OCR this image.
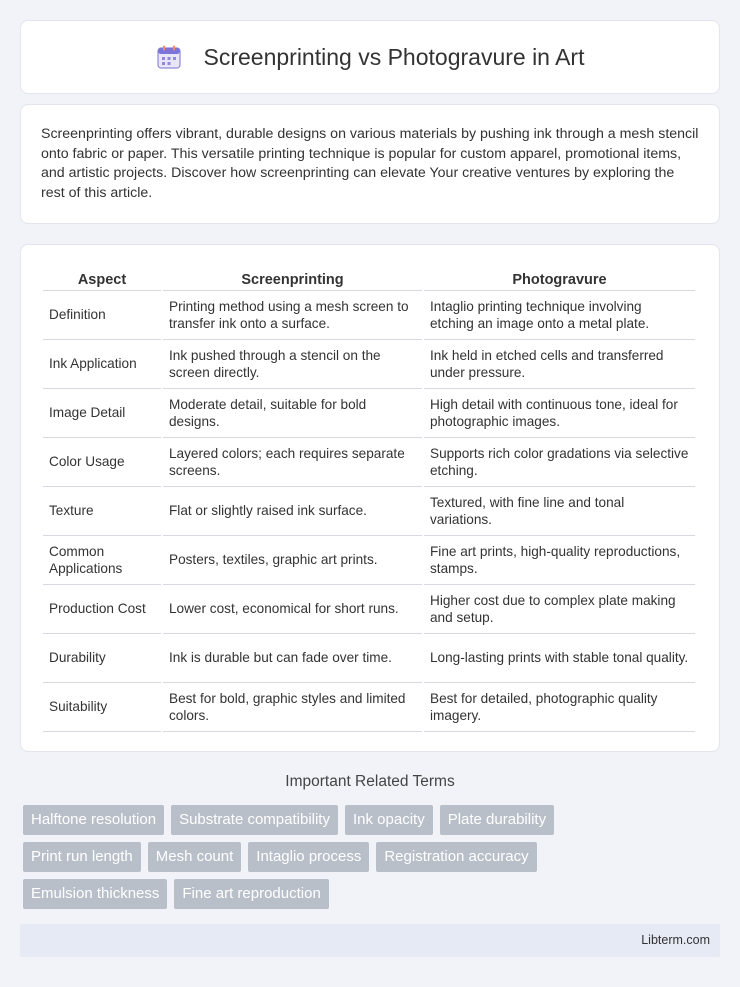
Screenprinting vs Photogravure in Art

Screenprinting offers vibrant, durable designs on various materials by pushing ink through a mesh stencil onto fabric or paper. This versatile printing technique is popular for custom apparel, promotional items, and artistic projects. Discover how screenprinting can elevate Your creative ventures by exploring the rest of this article.

Aspect	Screenprinting	Photogravure
Definition	Printing method using a mesh screen to transfer ink onto a surface.	Intaglio printing technique involving etching an image onto a metal plate.
Ink Application	Ink pushed through a stencil on the screen directly.	Ink held in etched cells and transferred under pressure.
Image Detail	Moderate detail, suitable for bold designs.	High detail with continuous tone, ideal for photographic images.
Color Usage	Layered colors; each requires separate screens.	Supports rich color gradations via selective etching.
Texture	Flat or slightly raised ink surface.	Textured, with fine line and tonal variations.
Common Applications	Posters, textiles, graphic art prints.	Fine art prints, high-quality reproductions, stamps.
Production Cost	Lower cost, economical for short runs.	Higher cost due to complex plate making and setup.
Durability	Ink is durable but can fade over time.	Long-lasting prints with stable tonal quality.
Suitability	Best for bold, graphic styles and limited colors.	Best for detailed, photographic quality imagery.
Important Related Terms
Halftone resolution	Substrate compatibility	Ink opacity	Plate durability
Print run length	Mesh count	Intaglio process	Registration accuracy
Emulsion thickness	Fine art reproduction
Libterm.com
